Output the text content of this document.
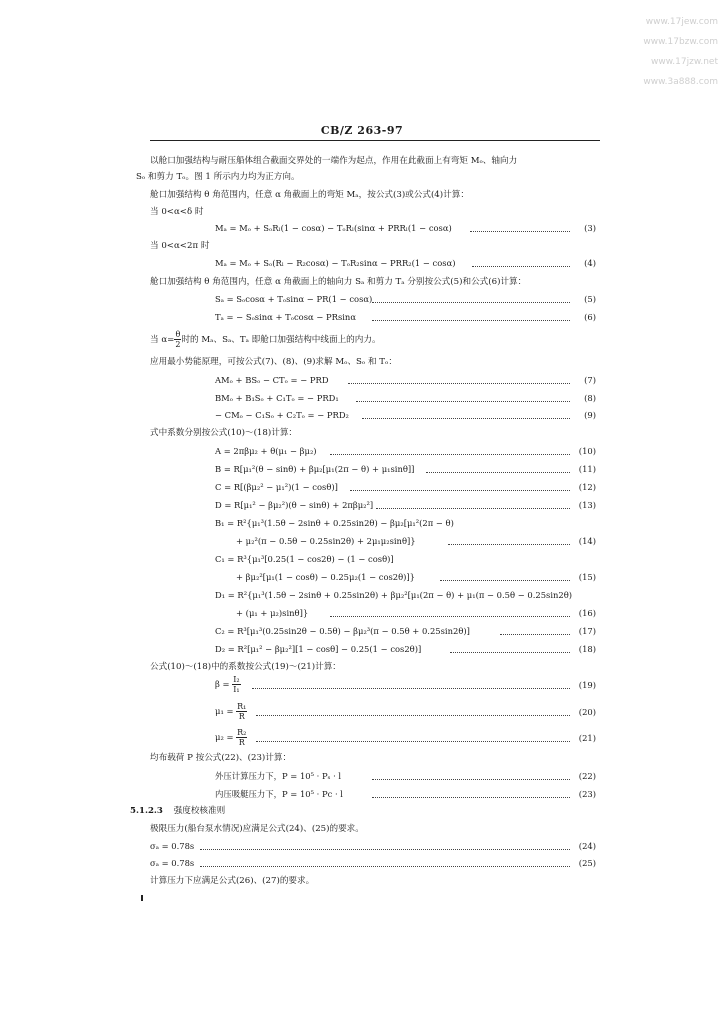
www.17jew.com
www.17bzw.com
www.17jzw.net
www.3a888.com
CB/Z 263-97
以舱口加强结构与耐压船体组合截面交界处的一端作为起点，作用在此截面上有弯矩 Mₒ、轴向力
Sₒ 和剪力 Tₒ。图 1 所示内力均为正方向。
舱口加强结构 θ 角范围内，任意 α 角截面上的弯矩 Mₐ，按公式(3)或公式(4)计算：
当 0<α<δ 时
Mₐ = Mₒ + SₒRₗ(1 − cosα) − TₒRₗ(sinα + PRRₗ(1 − cosα)	(3)
当 0<α<2π 时
Mₐ = Mₒ + Sₒ(Rₗ − R₂cosα) − TₒR₂sinα − PRR₂(1 − cosα)	(4)
舱口加强结构 θ 角范围内，任意 α 角截面上的轴向力 Sₐ 和剪力 Tₐ 分别按公式(5)和公式(6)计算：
Sₐ = Sₒcosα + Tₒsinα − PR(1 − cosα)	(5)
Tₐ = − Sₒsinα + Tₒcosα − PRsinα	(6)
当 $\alpha= \frac{\theta}{2}$ 时的 Mₐ、Sₐ、Tₐ 即舱口加强结构中线面上的内力。
应用最小势能原理，可按公式(7)、(8)、(9)求解 Mₒ、Sₒ 和 Tₒ：
AMₒ + BSₒ − CTₒ = − PRD	(7)
BMₒ + B₁Sₒ + C₁Tₒ = − PRD₁	(8)
− CMₒ − C₁Sₒ + C₂Tₒ = − PRD₂	(9)
式中系数分别按公式(10)～(18)计算：
A = 2πβμ₂ + θ(μ₁ − βμ₂)	(10)
B = R[μ₁²(θ − sinθ) + βμ₂[μ₁(2π − θ) + μ₁sinθ]]	(11)
C = R[(βμ₂² − μ₁²)(1 − cosθ)]	(12)
D = R[μ₁² − βμ₂²)(θ − sinθ) + 2πβμ₂²]	(13)
B₁ = R²{μ₁³(1.5θ − 2sinθ + 0.25sin2θ) − βμ₂[μ₁²(2π − θ)
+ μ₂²(π − 0.5θ − 0.25sin2θ) + 2μ₁μ₂sinθ]}	(14)
C₁ = R³{μ₁³[0.25(1 − cos2θ) − (1 − cosθ)]
+ βμ₂²[μ₁(1 − cosθ) − 0.25μ₂(1 − cos2θ)]}	(15)
D₁ = R²{μ₁³(1.5θ − 2sinθ + 0.25sin2θ) + βμ₂²[μ₁(2π − θ) + μ₁(π − 0.5θ − 0.25sin2θ)
+ (μ₁ + μ₂)sinθ]}	(16)
C₂ = R³[μ₁³(0.25sin2θ − 0.5θ) − βμ₂³(π − 0.5θ + 0.25sin2θ)]	(17)
D₂ = R²[μ₁² − βμ₂²][1 − cosθ] − 0.25(1 − cos2θ)]	(18)
公式(10)～(18)中的系数按公式(19)～(21)计算：
$\beta = \frac{\text{I₂}}{\text{I₁}}$	(19)
$\mu_1 = \frac{\text{R₁}}{R}$	(20)
$\mu_2 = \frac{\text{R₂}}{R}$	(21)
均布载荷 P 按公式(22)、(23)计算：
外压计算压力下，P = 10⁵ · Pₛ · l	(22)
内压吸艇压力下，P = 10⁵ · Pc · l	(23)
5.1.2.3 强度校核准则
极限压力(船台泵水情况)应满足公式(24)、(25)的要求。
σₐ = 0.78s	(24)
σₐ = 0.78s	(25)
计算压力下应满足公式(26)、(27)的要求。
